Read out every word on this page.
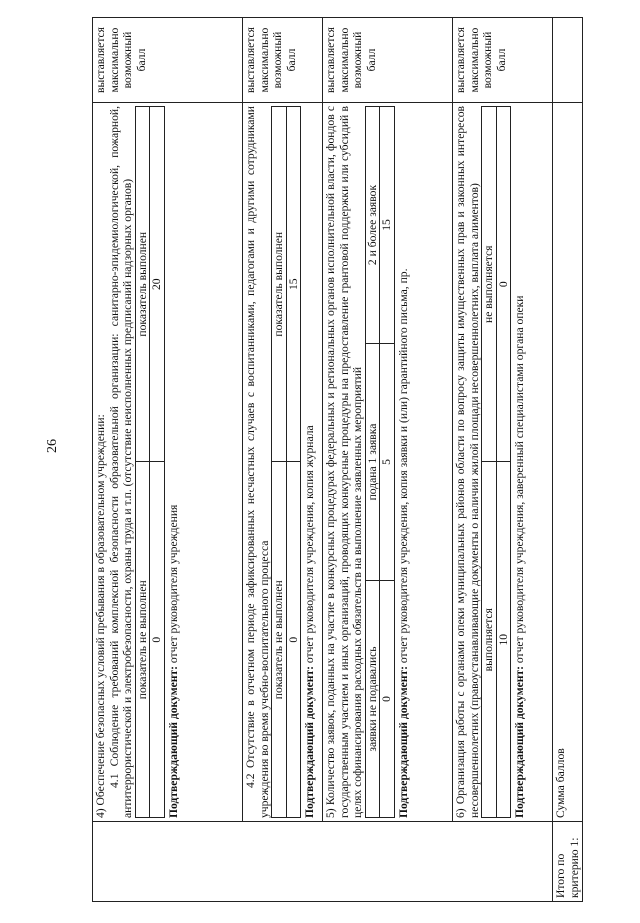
26
		4) Обеспечение безопасных условий пребывания в образовательном учреждении: 4.1 Соблюдение требований комплексной безопасности образовательной организации: санитарно-эпидемиологической, пожарной, антитеррористической и электробезопасности, охраны труда и т.п. (отсутствие неисполненных предписаний надзорных органов) показатель не выполнен	показатель выполнен
0	20

Подтверждающий документ: отчет руководителя учреждения

	выставляется максимально возможный балл

4.2 Отсутствие в отчетном периоде зафиксированных несчастных случаев с воспитанниками, педагогами и другими сотрудниками учреждения во время учебно-воспитательного процесса показатель не выполнен	показатель выполнен
0	15

Подтверждающий документ: отчет руководителя учреждения, копия журнала

	выставляется максимально возможный балл

5) Количество заявок, поданных на участие в конкурсных процедурах федеральных и региональных органов исполнительной власти, фондов с государственным участием и иных организаций, проводящих конкурсные процедуры на предоставление грантовой поддержки или субсидий в целях софинансирования расходных обязательств на выполнение заявленных мероприятий заявки не подавались	подана 1 заявка	2 и более заявок
0	5	15

Подтверждающий документ: отчет руководителя учреждения, копия заявки и (или) гарантийного письма, пр.

	выставляется максимально возможный балл

6) Организация работы с органами опеки муниципальных районов области по вопросу защиты имущественных прав и законных интересов несовершеннолетних (правоустанавливающие документы о наличии жилой площади несовершеннолетних, выплата алиментов) выполняется	не выполняется
10	0

Подтверждающий документ: отчет руководителя учреждения, заверенный специалистами органа опеки

	выставляется максимально возможный балл
Итого по критерию 1:	Сумма баллов	
